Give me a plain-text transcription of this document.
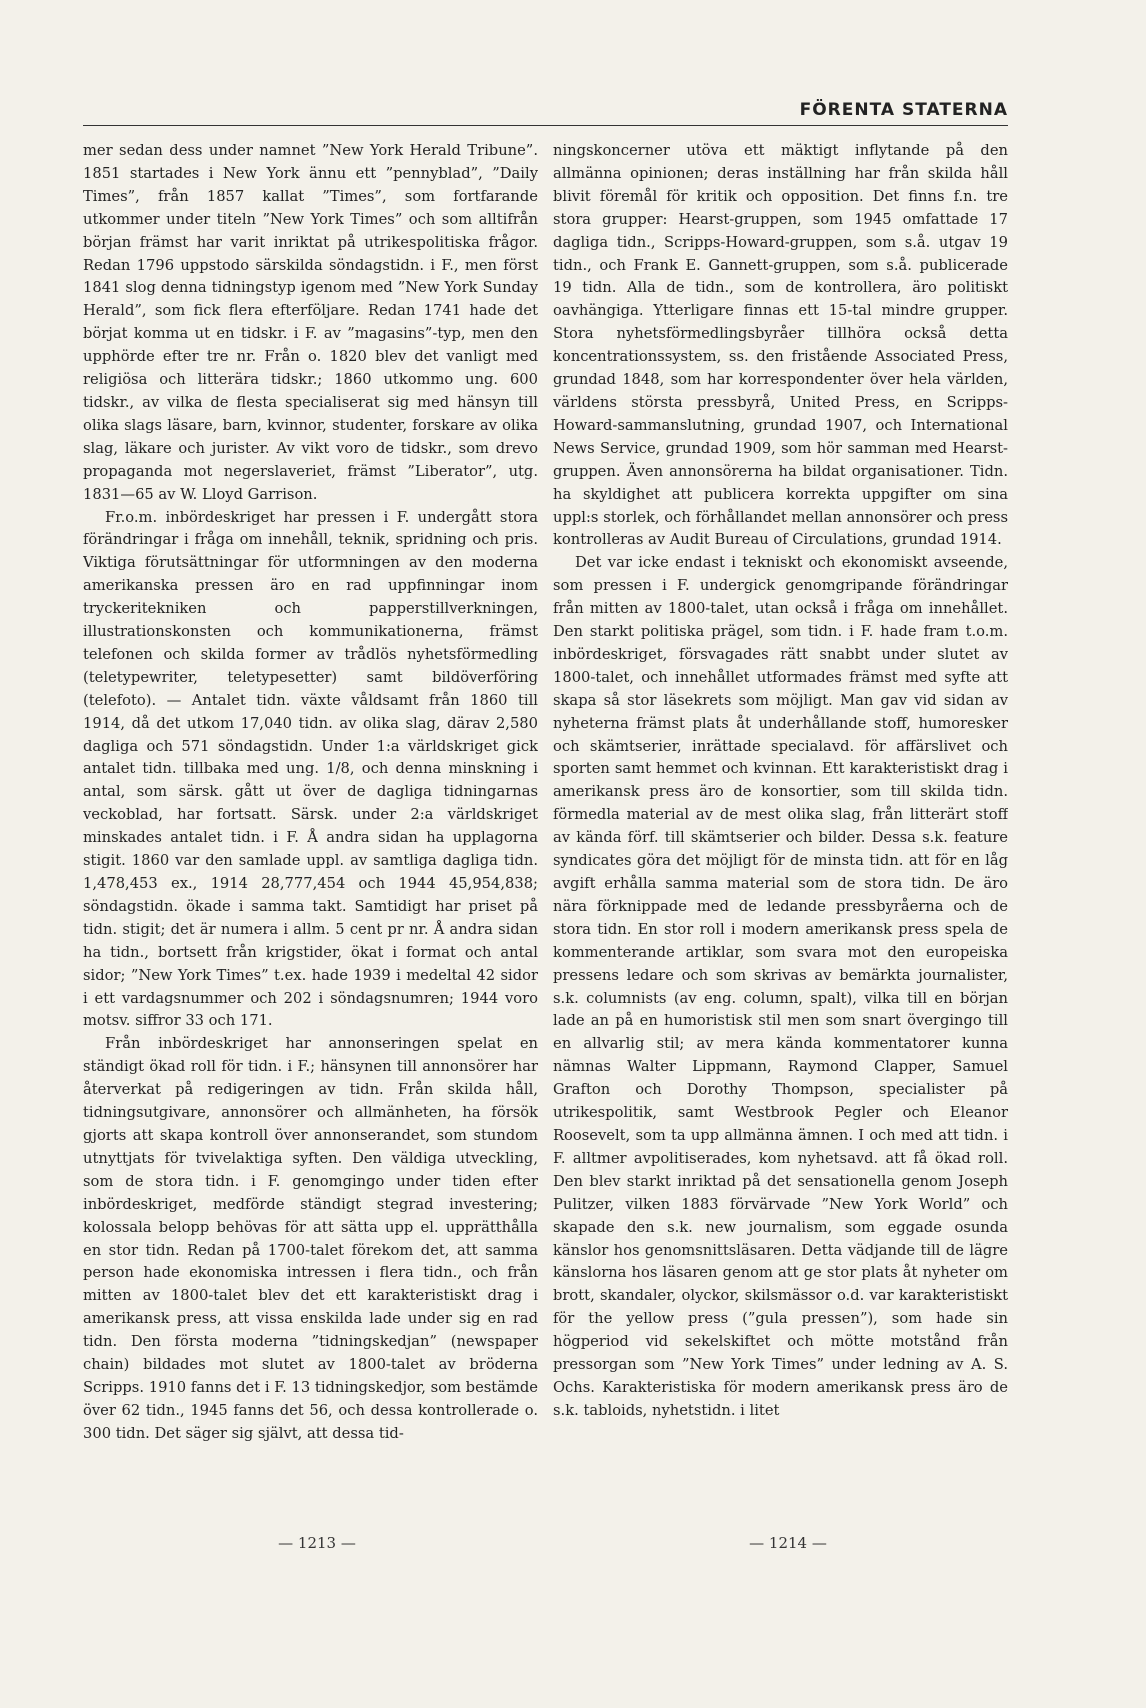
FÖRENTA STATERNA

mer sedan dess under namnet ”New York Herald Tribune”. 1851 startades i New York ännu ett ”pennyblad”, ”Daily Times”, från 1857 kallat ”Times”, som fortfarande utkommer under titeln ”New York Times” och som alltifrån början främst har varit inriktat på utrikespolitiska frågor. Redan 1796 uppstodo särskilda söndagstidn. i F., men först 1841 slog denna tidningstyp igenom med ”New York Sunday Herald”, som fick flera efterföljare. Redan 1741 hade det börjat komma ut en tidskr. i F. av ”magasins”-typ, men den upphörde efter tre nr. Från o. 1820 blev det vanligt med religiösa och litterära tidskr.; 1860 utkommo ung. 600 tidskr., av vilka de flesta specialiserat sig med hänsyn till olika slags läsare, barn, kvinnor, studenter, forskare av olika slag, läkare och jurister. Av vikt voro de tidskr., som drevo propaganda mot negerslaveriet, främst ”Liberator”, utg. 1831—65 av W. Lloyd Garrison.

Fr.o.m. inbördeskriget har pressen i F. undergått stora förändringar i fråga om innehåll, teknik, spridning och pris. Viktiga förutsättningar för utformningen av den moderna amerikanska pressen äro en rad uppfinningar inom tryckeritekniken och papperstillverkningen, illustrationskonsten och kommunikationerna, främst telefonen och skilda former av trådlös nyhetsförmedling (teletypewriter, teletypesetter) samt bildöverföring (telefoto). — Antalet tidn. växte våldsamt från 1860 till 1914, då det utkom 17,040 tidn. av olika slag, därav 2,580 dagliga och 571 söndagstidn. Under 1:a världskriget gick antalet tidn. tillbaka med ung. 1/8, och denna minskning i antal, som särsk. gått ut över de dagliga tidningarnas veckoblad, har fortsatt. Särsk. under 2:a världskriget minskades antalet tidn. i F. Å andra sidan ha upplagorna stigit. 1860 var den samlade uppl. av samtliga dagliga tidn. 1,478,453 ex., 1914 28,777,454 och 1944 45,954,838; söndagstidn. ökade i samma takt. Samtidigt har priset på tidn. stigit; det är numera i allm. 5 cent pr nr. Å andra sidan ha tidn., bortsett från krigstider, ökat i format och antal sidor; ”New York Times” t.ex. hade 1939 i medeltal 42 sidor i ett vardagsnummer och 202 i söndagsnumren; 1944 voro motsv. siffror 33 och 171.

Från inbördeskriget har annonseringen spelat en ständigt ökad roll för tidn. i F.; hänsynen till annonsörer har återverkat på redigeringen av tidn. Från skilda håll, tidningsutgivare, annonsörer och allmänheten, ha försök gjorts att skapa kontroll över annonserandet, som stundom utnyttjats för tvivelaktiga syften. Den väldiga utveckling, som de stora tidn. i F. genomgingo under tiden efter inbördeskriget, medförde ständigt stegrad investering; kolossala belopp behövas för att sätta upp el. upprätthålla en stor tidn. Redan på 1700-talet förekom det, att samma person hade ekonomiska intressen i flera tidn., och från mitten av 1800-talet blev det ett karakteristiskt drag i amerikansk press, att vissa enskilda lade under sig en rad tidn. Den första moderna ”tidningskedjan” (newspaper chain) bildades mot slutet av 1800-talet av bröderna Scripps. 1910 fanns det i F. 13 tidningskedjor, som bestämde över 62 tidn., 1945 fanns det 56, och dessa kontrollerade o. 300 tidn. Det säger sig självt, att dessa tid-

ningskoncerner utöva ett mäktigt inflytande på den allmänna opinionen; deras inställning har från skilda håll blivit föremål för kritik och opposition. Det finns f.n. tre stora grupper: Hearst-gruppen, som 1945 omfattade 17 dagliga tidn., Scripps-Howard-gruppen, som s.å. utgav 19 tidn., och Frank E. Gannett-gruppen, som s.å. publicerade 19 tidn. Alla de tidn., som de kontrollera, äro politiskt oavhängiga. Ytterligare finnas ett 15-tal mindre grupper. Stora nyhetsförmedlingsbyråer tillhöra också detta koncentrationssystem, ss. den fristående Associated Press, grundad 1848, som har korrespondenter över hela världen, världens största pressbyrå, United Press, en Scripps-Howard-sammanslutning, grundad 1907, och International News Service, grundad 1909, som hör samman med Hearst-gruppen. Även annonsörerna ha bildat organisationer. Tidn. ha skyldighet att publicera korrekta uppgifter om sina uppl:s storlek, och förhållandet mellan annonsörer och press kontrolleras av Audit Bureau of Circulations, grundad 1914.

Det var icke endast i tekniskt och ekonomiskt avseende, som pressen i F. undergick genomgripande förändringar från mitten av 1800-talet, utan också i fråga om innehållet. Den starkt politiska prägel, som tidn. i F. hade fram t.o.m. inbördeskriget, försvagades rätt snabbt under slutet av 1800-talet, och innehållet utformades främst med syfte att skapa så stor läsekrets som möjligt. Man gav vid sidan av nyheterna främst plats åt underhållande stoff, humoresker och skämtserier, inrättade specialavd. för affärslivet och sporten samt hemmet och kvinnan. Ett karakteristiskt drag i amerikansk press äro de konsortier, som till skilda tidn. förmedla material av de mest olika slag, från litterärt stoff av kända förf. till skämtserier och bilder. Dessa s.k. feature syndicates göra det möjligt för de minsta tidn. att för en låg avgift erhålla samma material som de stora tidn. De äro nära förknippade med de ledande pressbyråerna och de stora tidn. En stor roll i modern amerikansk press spela de kommenterande artiklar, som svara mot den europeiska pressens ledare och som skrivas av bemärkta journalister, s.k. columnists (av eng. column, spalt), vilka till en början lade an på en humoristisk stil men som snart övergingo till en allvarlig stil; av mera kända kommentatorer kunna nämnas Walter Lippmann, Raymond Clapper, Samuel Grafton och Dorothy Thompson, specialister på utrikespolitik, samt Westbrook Pegler och Eleanor Roosevelt, som ta upp allmänna ämnen. I och med att tidn. i F. alltmer avpolitiserades, kom nyhetsavd. att få ökad roll. Den blev starkt inriktad på det sensationella genom Joseph Pulitzer, vilken 1883 förvärvade ”New York World” och skapade den s.k. new journalism, som eggade osunda känslor hos genomsnittsläsaren. Detta vädjande till de lägre känslorna hos läsaren genom att ge stor plats åt nyheter om brott, skandaler, olyckor, skilsmässor o.d. var karakteristiskt för the yellow press (”gula pressen”), som hade sin högperiod vid sekelskiftet och mötte motstånd från pressorgan som ”New York Times” under ledning av A. S. Ochs. Karakteristiska för modern amerikansk press äro de s.k. tabloids, nyhetstidn. i litet

— 1213 —	— 1214 —
